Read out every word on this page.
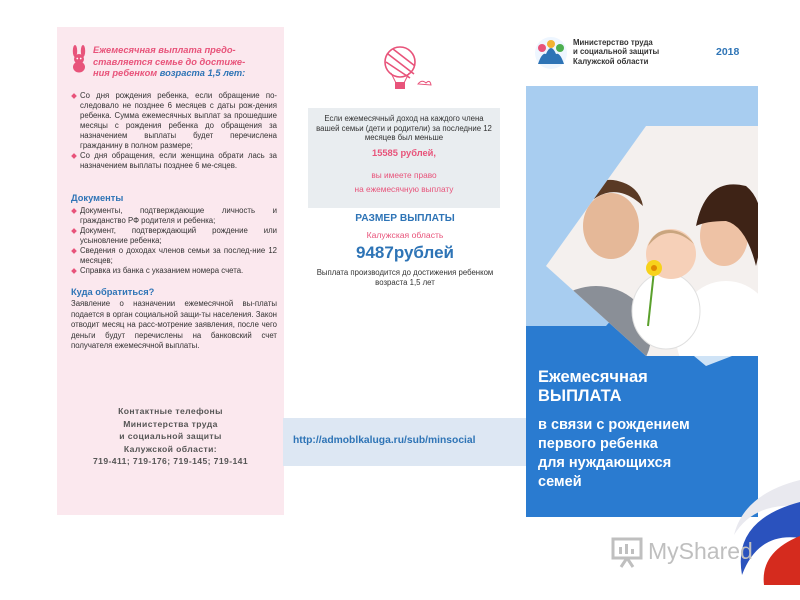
Ежемесячная выплата предо-
ставляется семье до достиже-
ния ребенком возраста 1,5 лет:
Со дня рождения ребенка, если обращение по-следовало не позднее 6 месяцев с даты рож-дения ребенка. Сумма ежемесячных выплат за прошедшие месяцы с рождения ребенка до обращения за назначением выплаты будет перечислена гражданину в полном размере;
Со дня обращения, если женщина обрати лась за назначением выплаты позднее 6 ме-сяцев.
Документы
Документы, подтверждающие личность и гражданство РФ родителя и ребенка;
Документ, подтверждающий рождение или усыновление ребенка;
Сведения о доходах членов семьи за послед-ние 12 месяцев;
Справка из банка с указанием номера счета.
Куда обратиться?
Заявление о назначении ежемесячной вы-платы подается в орган социальной защи-ты населения. Закон отводит месяц на расс-мотрение заявления, после чего деньги будут перечислены на банковский счет получателя ежемесячной выплаты.
Контактные телефоны
Министерства труда
и социальной защиты
Калужской области:
719-411; 719-176; 719-145; 719-141
Если ежемесячный доход на каждого члена вашей семьи (дети и родители) за последние 12 месяцев был меньше
15585 рублей,
вы имеете право
на ежемесячную выплату
РАЗМЕР ВЫПЛАТЫ
Калужская область
9487рублей
Выплата производится до достижения ребенком возраста 1,5 лет
http://admoblkaluga.ru/sub/minsocial
Министерство труда
и социальной защиты
Калужской области
2018
Ежемесячная
ВЫПЛАТА
в связи с рождением
первого ребенка
для нуждающихся
семей
MyShared
